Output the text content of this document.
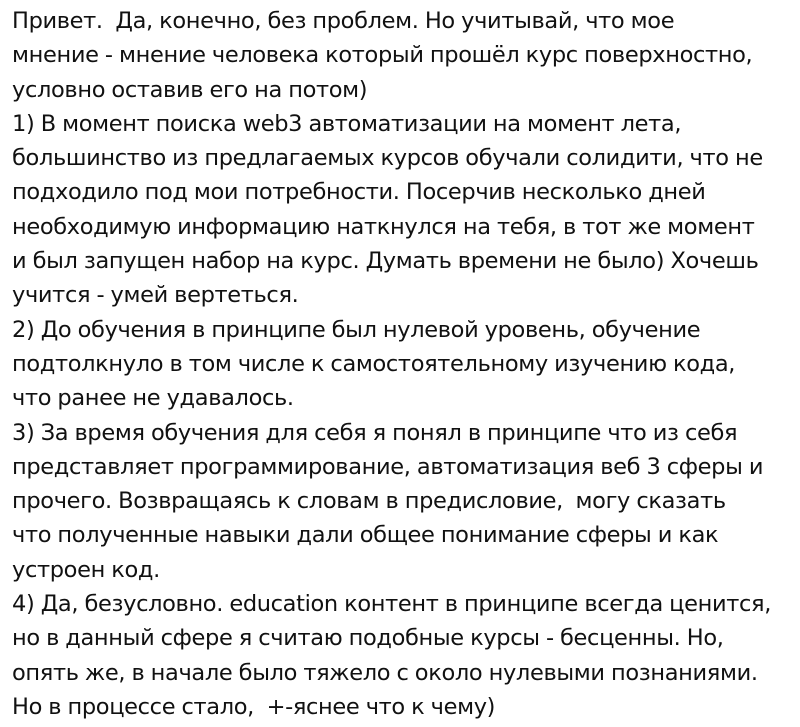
Привет.  Да, конечно, без проблем. Но учитывай, что мое
мнение - мнение человека который прошёл курс поверхностно,
условно оставив его на потом)
1) В момент поиска web3 автоматизации на момент лета,
большинство из предлагаемых курсов обучали солидити, что не
подходило под мои потребности. Посерчив несколько дней
необходимую информацию наткнулся на тебя, в тот же момент
и был запущен набор на курс. Думать времени не было) Хочешь
учится - умей вертеться.
2) До обучения в принципе был нулевой уровень, обучение
подтолкнуло в том числе к самостоятельному изучению кода,
что ранее не удавалось.
3) За время обучения для себя я понял в принципе что из себя
представляет программирование, автоматизация веб 3 сферы и
прочего. Возвращаясь к словам в предисловие,  могу сказать
что полученные навыки дали общее понимание сферы и как
устроен код.
4) Да, безусловно. education контент в принципе всегда ценится,
но в данный сфере я считаю подобные курсы - бесценны. Но,
опять же, в начале было тяжело с около нулевыми познаниями.
Но в процессе стало,  +-яснее что к чему)
